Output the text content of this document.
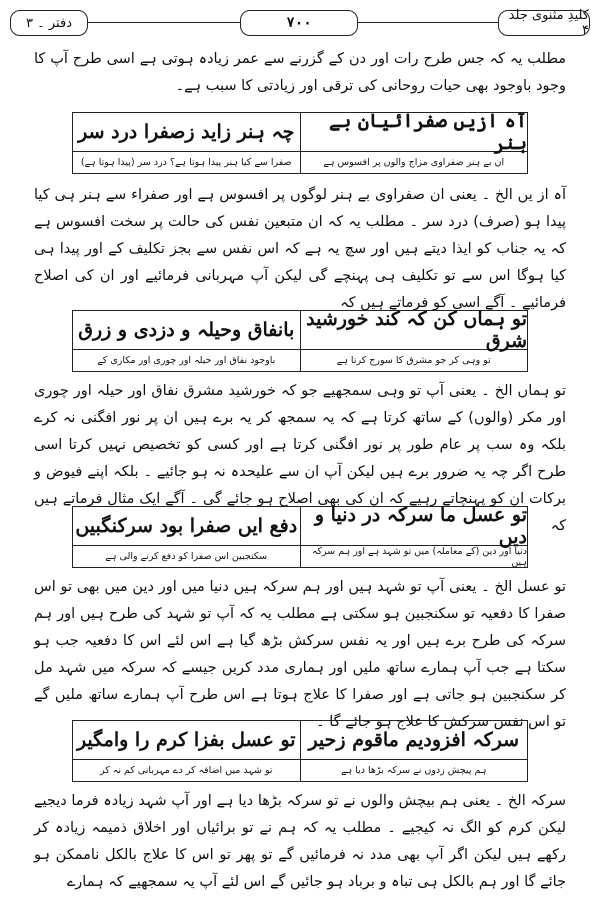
کلیدِ مثنوی جلد ۴
۷۰۰
دفتر ۔ ۳

مطلب یہ کہ جس طرح رات اور دن کے گزرنے سے عمر زیادہ ہوتی ہے اسی طرح آپ کا وجود باوجود بھی حیات روحانی کی ترقی اور زیادتی کا سبب ہے۔

آہ ازیں صفرائیان بے ہنر
چہ ہنر زاید زصفرا درد سر
ان بے ہنر صفراوی مزاج والوں پر افسوس ہے
صفرا سے کیا ہنر پیدا ہوتا ہے؟ درد سر (پیدا ہوتا ہے)

آہ از یں الخ ۔ یعنی ان صفراوی بے ہنر لوگوں پر افسوس ہے اور صفراء سے ہنر ہی کیا پیدا ہو (صرف) درد سر ۔ مطلب یہ کہ ان متبعین نفس کی حالت پر سخت افسوس ہے کہ یہ جناب کو ایذا دیتے ہیں اور سچ یہ ہے کہ اس نفس سے بجز تکلیف کے اور پیدا ہی کیا ہوگا اس سے تو تکلیف ہی پہنچے گی لیکن آپ مہربانی فرمائیے اور ان کی اصلاح فرمائیے ۔ آگے اسی کو فرماتے ہیں کہ

تو ہماں کن کہ کند خورشید شرق
بانفاق وحیلہ و دزدی و زرق
تو وہی کر جو مشرق کا سورج کرتا ہے
باوجود نفاق اور حیلہ اور چوری اور مکاری کے

تو ہماں الخ ۔ یعنی آپ تو وہی سمجھیے جو کہ خورشید مشرق نفاق اور حیلہ اور چوری اور مکر (والوں) کے ساتھ کرتا ہے کہ یہ سمجھ کر یہ برے ہیں ان پر نور افگنی نہ کرے بلکہ وہ سب پر عام طور پر نور افگنی کرتا ہے اور کسی کو تخصیص نہیں کرتا اسی طرح اگر چہ یہ ضرور برے ہیں لیکن آپ ان سے علیحدہ نہ ہو جائیے ۔ بلکہ اپنے فیوض و برکات ان کو پہنچاتے رہیے کہ ان کی بھی اصلاح ہو جائے گی ۔ آگے ایک مثال فرماتے ہیں کہ

تو عسل ما سرکہ در دنیا و دیں
دفع ایں صفرا بود سرکنگبیں
دنیا اور دین (کے معاملہ) میں تو شہد ہے اور ہم سرکہ ہیں
سکنجبین اس صفرا کو دفع کرنے والی ہے

تو عسل الخ ۔ یعنی آپ تو شہد ہیں اور ہم سرکہ ہیں دنیا میں اور دین میں بھی تو اس صفرا کا دفعیہ تو سکنجبین ہو سکتی ہے مطلب یہ کہ آپ تو شہد کی طرح ہیں اور ہم سرکہ کی طرح برے ہیں اور یہ نفس سرکش بڑھ گیا ہے اس لئے اس کا دفعیہ جب ہو سکتا ہے جب آپ ہمارے ساتھ ملیں اور ہماری مدد کریں جیسے کہ سرکہ میں شہد مل کر سکنجبین ہو جاتی ہے اور صفرا کا علاج ہوتا ہے اس طرح آپ ہمارے ساتھ ملیں گے تو اس نفس سرکش کا علاج ہو جائے گا ۔

سرکہ افزودیم ماقوم زحیر
تو عسل بفزا کرم را وامگیر
ہم پیچش زدوں نے سرکہ بڑھا دیا ہے
تو شہد میں اضافہ کر دے مہربانی کم نہ کر

سرکہ الخ ۔ یعنی ہم بیچش والوں نے تو سرکہ بڑھا دیا ہے اور آپ شہد زیادہ فرما دیجیے لیکن کرم کو الگ نہ کیجیے ۔ مطلب یہ کہ ہم نے تو برائیاں اور اخلاق ذمیمہ زیادہ کر رکھے ہیں لیکن اگر آپ بھی مدد نہ فرمائیں گے تو پھر تو اس کا علاج بالکل ناممکن ہو جائے گا اور ہم بالکل ہی تباہ و برباد ہو جائیں گے اس لئے آپ یہ سمجھیے کہ ہمارے
